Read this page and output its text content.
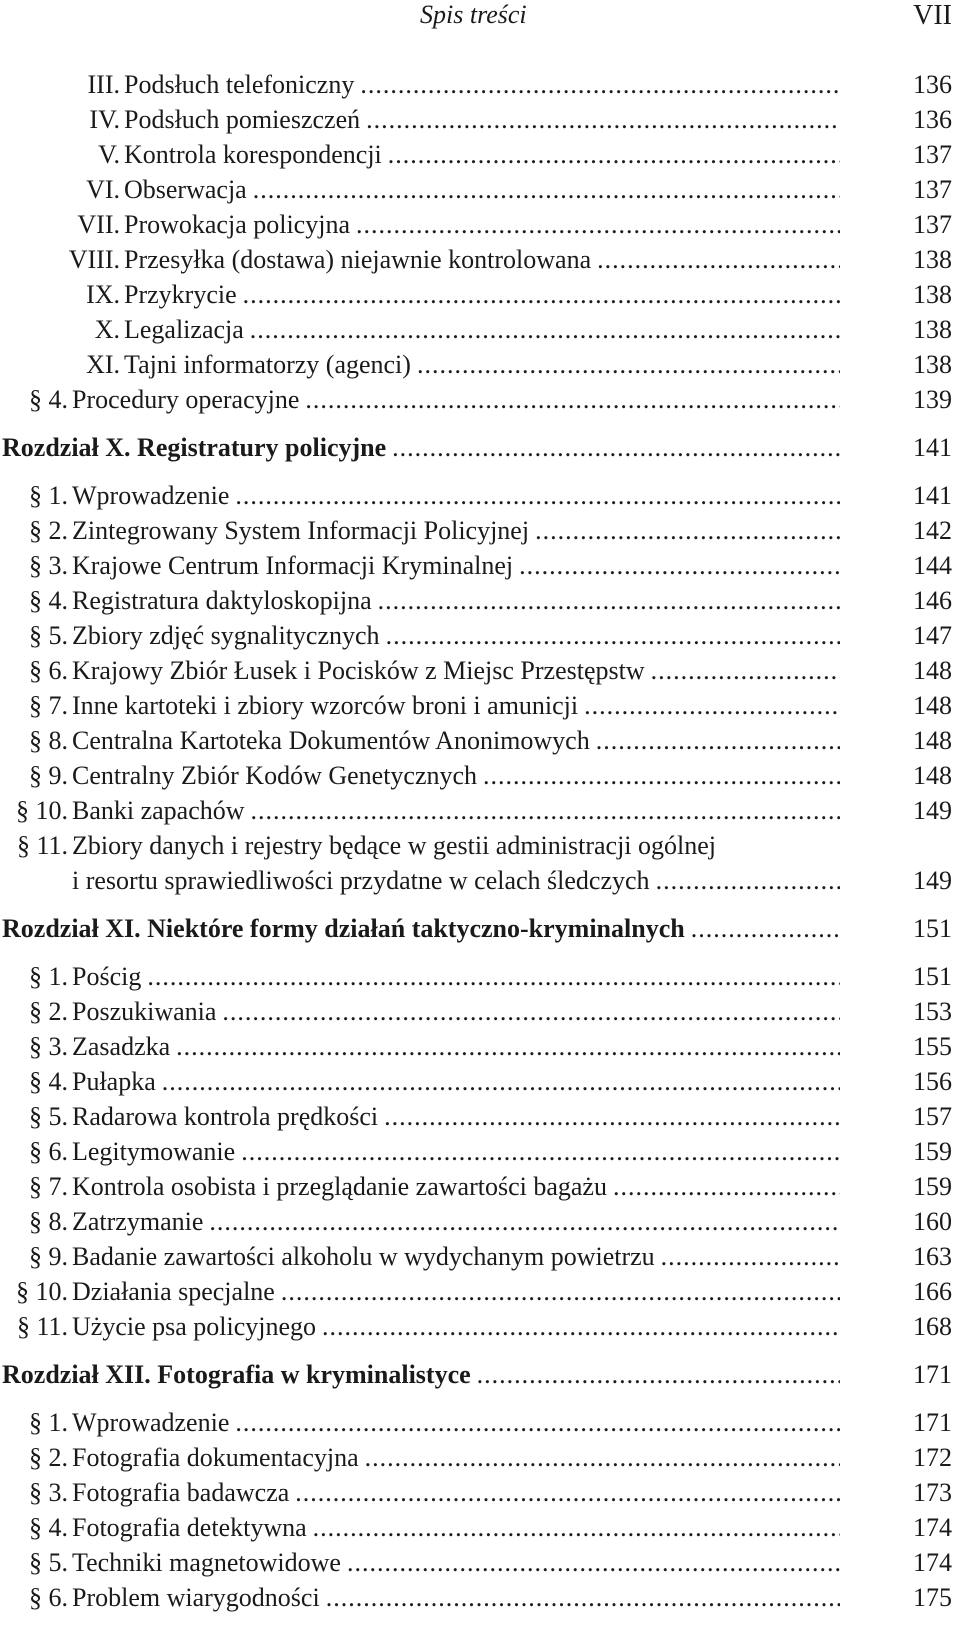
Spis treści	VII
III. Podsłuch telefoniczny .....	136
IV. Podsłuch pomieszczeń .....	136
V. Kontrola korespondencji .....	137
VI. Obserwacja .....	137
VII. Prowokacja policyjna .....	137
VIII. Przesyłka (dostawa) niejawnie kontrolowana .....	138
IX. Przykrycie .....	138
X. Legalizacja .....	138
XI. Tajni informatorzy (agenci) .....	138
§ 4. Procedury operacyjne .....	139
Rozdział X. Registratury policyjne .....	141
§ 1. Wprowadzenie .....	141
§ 2. Zintegrowany System Informacji Policyjnej .....	142
§ 3. Krajowe Centrum Informacji Kryminalnej .....	144
§ 4. Registratura daktyloskopijna .....	146
§ 5. Zbiory zdjęć sygnalitycznych .....	147
§ 6. Krajowy Zbiór Łusek i Pocisków z Miejsc Przestępstw .....	148
§ 7. Inne kartoteki i zbiory wzorców broni i amunicji .....	148
§ 8. Centralna Kartoteka Dokumentów Anonimowych .....	148
§ 9. Centralny Zbiór Kodów Genetycznych .....	148
§ 10. Banki zapachów .....	149
§ 11. Zbiory danych i rejestry będące w gestii administracji ogólnej
i resortu sprawiedliwości przydatne w celach śledczych .....	149
Rozdział XI. Niektóre formy działań taktyczno-kryminalnych .....	151
§ 1. Pościg .....	151
§ 2. Poszukiwania .....	153
§ 3. Zasadzka .....	155
§ 4. Pułapka .....	156
§ 5. Radarowa kontrola prędkości .....	157
§ 6. Legitymowanie .....	159
§ 7. Kontrola osobista i przeglądanie zawartości bagażu .....	159
§ 8. Zatrzymanie .....	160
§ 9. Badanie zawartości alkoholu w wydychanym powietrzu .....	163
§ 10. Działania specjalne .....	166
§ 11. Użycie psa policyjnego .....	168
Rozdział XII. Fotografia w kryminalistyce .....	171
§ 1. Wprowadzenie .....	171
§ 2. Fotografia dokumentacyjna .....	172
§ 3. Fotografia badawcza .....	173
§ 4. Fotografia detektywna .....	174
§ 5. Techniki magnetowidowe .....	174
§ 6. Problem wiarygodności .....	175
